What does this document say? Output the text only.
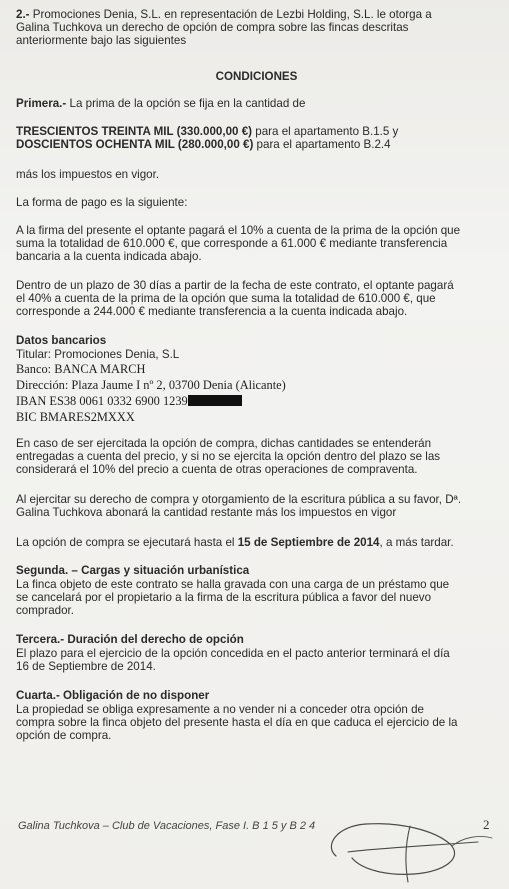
2.- Promociones Denia, S.L. en representación de Lezbi Holding, S.L. le otorga a
Galina Tuchkova un derecho de opción de compra sobre las fincas descritas
anteriormente bajo las siguientes
CONDICIONES
Primera.- La prima de la opción se fija en la cantidad de
TRESCIENTOS TREINTA MIL (330.000,00 €) para el apartamento B.1.5 y
DOSCIENTOS OCHENTA MIL (280.000,00 €) para el apartamento B.2.4
más los impuestos en vigor.
La forma de pago es la siguiente:
A la firma del presente el optante pagará el 10% a cuenta de la prima de la opción que
suma la totalidad de 610.000 €, que corresponde a 61.000 € mediante transferencia
bancaria a la cuenta indicada abajo.
Dentro de un plazo de 30 días a partir de la fecha de este contrato, el optante pagará
el 40% a cuenta de la prima de la opción que suma la totalidad de 610.000 €, que
corresponde a 244.000 € mediante transferencia a la cuenta indicada abajo.
Datos bancarios
Titular: Promociones Denia, S.L
Banco: BANCA MARCH
Dirección: Plaza Jaume I nº 2, 03700 Denia (Alicante)
IBAN ES38 0061 0332 6900 1239
BIC BMARES2MXXX
En caso de ser ejercitada la opción de compra, dichas cantidades se entenderán
entregadas a cuenta del precio, y si no se ejercita la opción dentro del plazo se las
considerará el 10% del precio a cuenta de otras operaciones de compraventa.
Al ejercitar su derecho de compra y otorgamiento de la escritura pública a su favor, Dª.
Galina Tuchkova abonará la cantidad restante más los impuestos en vigor
La opción de compra se ejecutará hasta el 15 de Septiembre de 2014, a más tardar.
Segunda. – Cargas y situación urbanística
La finca objeto de este contrato se halla gravada con una carga de un préstamo que
se cancelará por el propietario a la firma de la escritura pública a favor del nuevo
comprador.
Tercera.- Duración del derecho de opción
El plazo para el ejercicio de la opción concedida en el pacto anterior terminará el día
16 de Septiembre de 2014.
Cuarta.- Obligación de no disponer
La propiedad se obliga expresamente a no vender ni a conceder otra opción de
compra sobre la finca objeto del presente hasta el día en que caduca el ejercicio de la
opción de compra.
Galina Tuchkova – Club de Vacaciones, Fase I. B 1 5 y B 2 4	2
